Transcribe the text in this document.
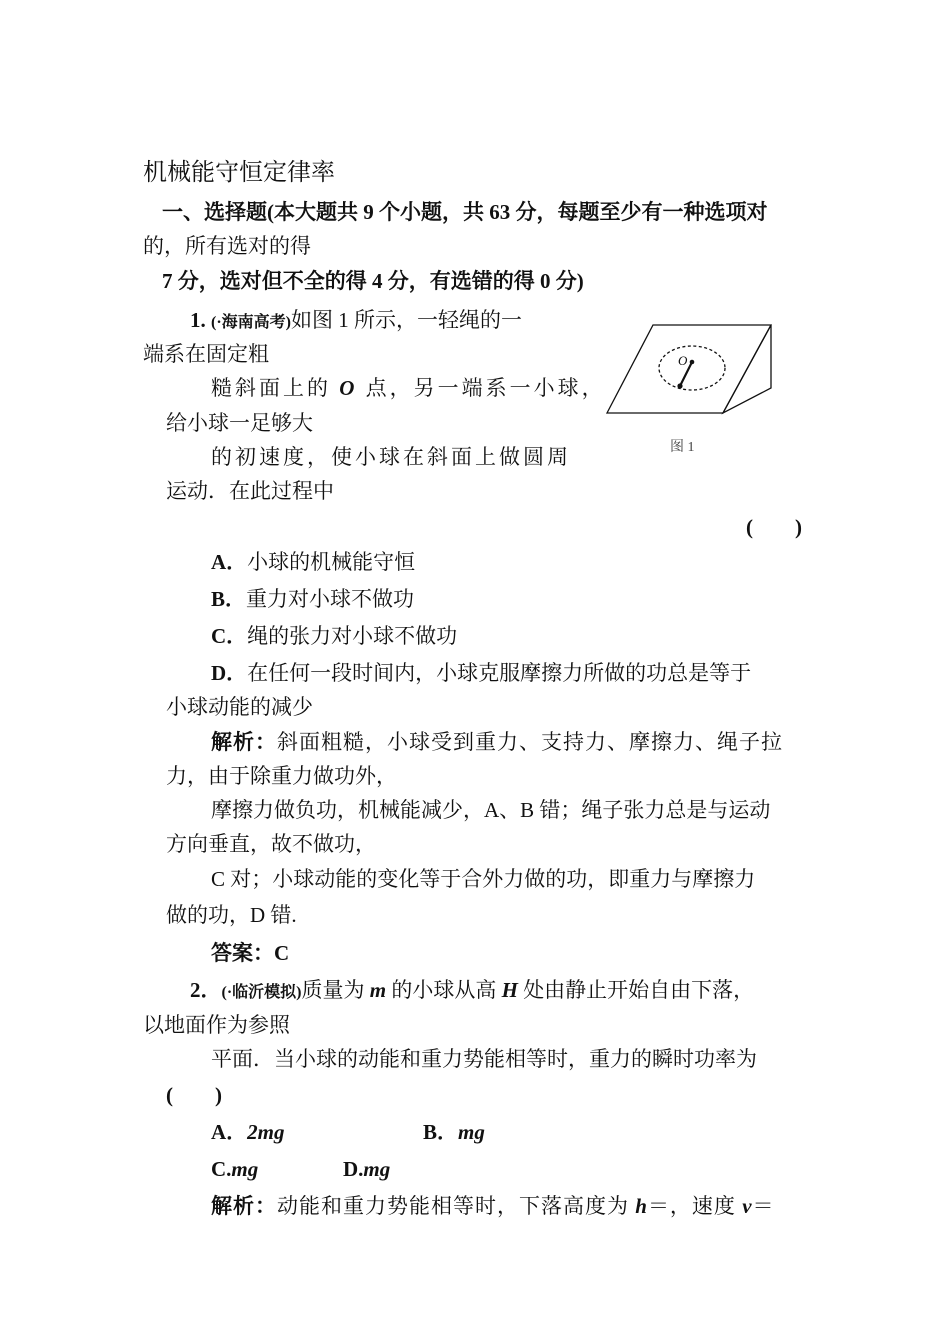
机械能守恒定律率
一、选择题(本大题共 9 个小题，共 63 分，每题至少有一种选项对
的，所有选对的得
7 分，选对但不全的得 4 分，有选错的得 0 分)
1. (·海南高考)如图 1 所示，一轻绳的一
端系在固定粗
糙斜面上的 O 点，另一端系一小球，
给小球一足够大
的初速度，使小球在斜面上做圆周
运动．在此过程中
(　　)
O
图 1
A．小球的机械能守恒
B．重力对小球不做功
C．绳的张力对小球不做功
D．在任何一段时间内，小球克服摩擦力所做的功总是等于
小球动能的减少
解析：斜面粗糙，小球受到重力、支持力、摩擦力、绳子拉
力，由于除重力做功外，
摩擦力做负功，机械能减少，A、B 错；绳子张力总是与运动
方向垂直，故不做功，
C 对；小球动能的变化等于合外力做的功，即重力与摩擦力
做的功，D 错.
答案：C
2．(·临沂模拟)质量为 m 的小球从高 H 处由静止开始自由下落，
以地面作为参照
平面．当小球的动能和重力势能相等时，重力的瞬时功率为
(　　)
A．2mg	B．mg
C.mg	D.mg
解析：动能和重力势能相等时，下落高度为 h＝，速度 v＝
